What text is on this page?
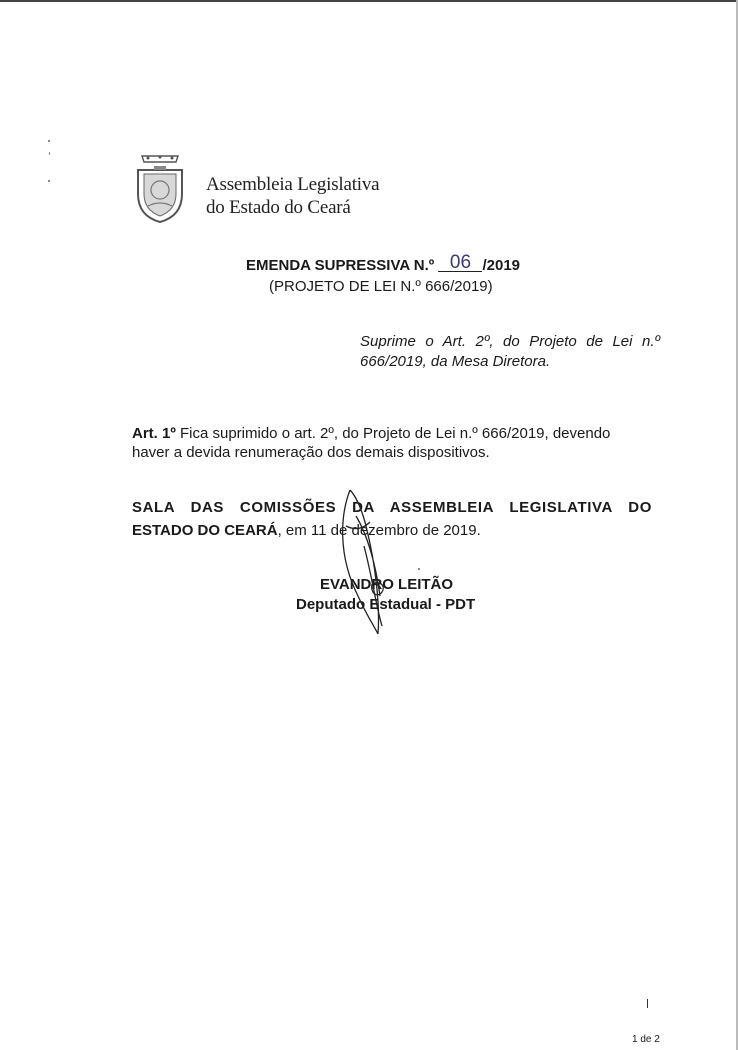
Assembleia Legislativa
do Estado do Ceará
EMENDA SUPRESSIVA N.º 06 /2019
(PROJETO DE LEI N.º 666/2019)
Suprime o Art. 2º, do Projeto de Lei n.º 666/2019, da Mesa Diretora.
Art. 1º Fica suprimido o art. 2º, do Projeto de Lei n.º 666/2019, devendo haver a devida renumeração dos demais dispositivos.
SALA DAS COMISSÕES DA ASSEMBLEIA LEGISLATIVA DO
ESTADO DO CEARÁ, em 11 de dezembro de 2019.
EVANDRO LEITÃO
Deputado Estadual - PDT
1 de 2
